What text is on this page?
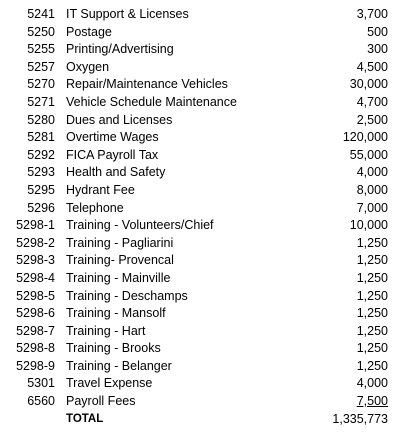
5241 IT Support & Licenses	3,700
5250 Postage	500
5255 Printing/Advertising	300
5257 Oxygen	4,500
5270 Repair/Maintenance Vehicles	30,000
5271 Vehicle Schedule Maintenance	4,700
5280 Dues and Licenses	2,500
5281 Overtime Wages	120,000
5292 FICA Payroll Tax	55,000
5293 Health and Safety	4,000
5295 Hydrant Fee	8,000
5296 Telephone	7,000
5298-1 Training - Volunteers/Chief	10,000
5298-2 Training - Pagliarini	1,250
5298-3 Training- Provencal	1,250
5298-4 Training - Mainville	1,250
5298-5 Training - Deschamps	1,250
5298-6 Training - Mansolf	1,250
5298-7 Training - Hart	1,250
5298-8 Training - Brooks	1,250
5298-9 Training - Belanger	1,250
5301 Travel Expense	4,000
6560 Payroll Fees	7,500
TOTAL	1,335,773
